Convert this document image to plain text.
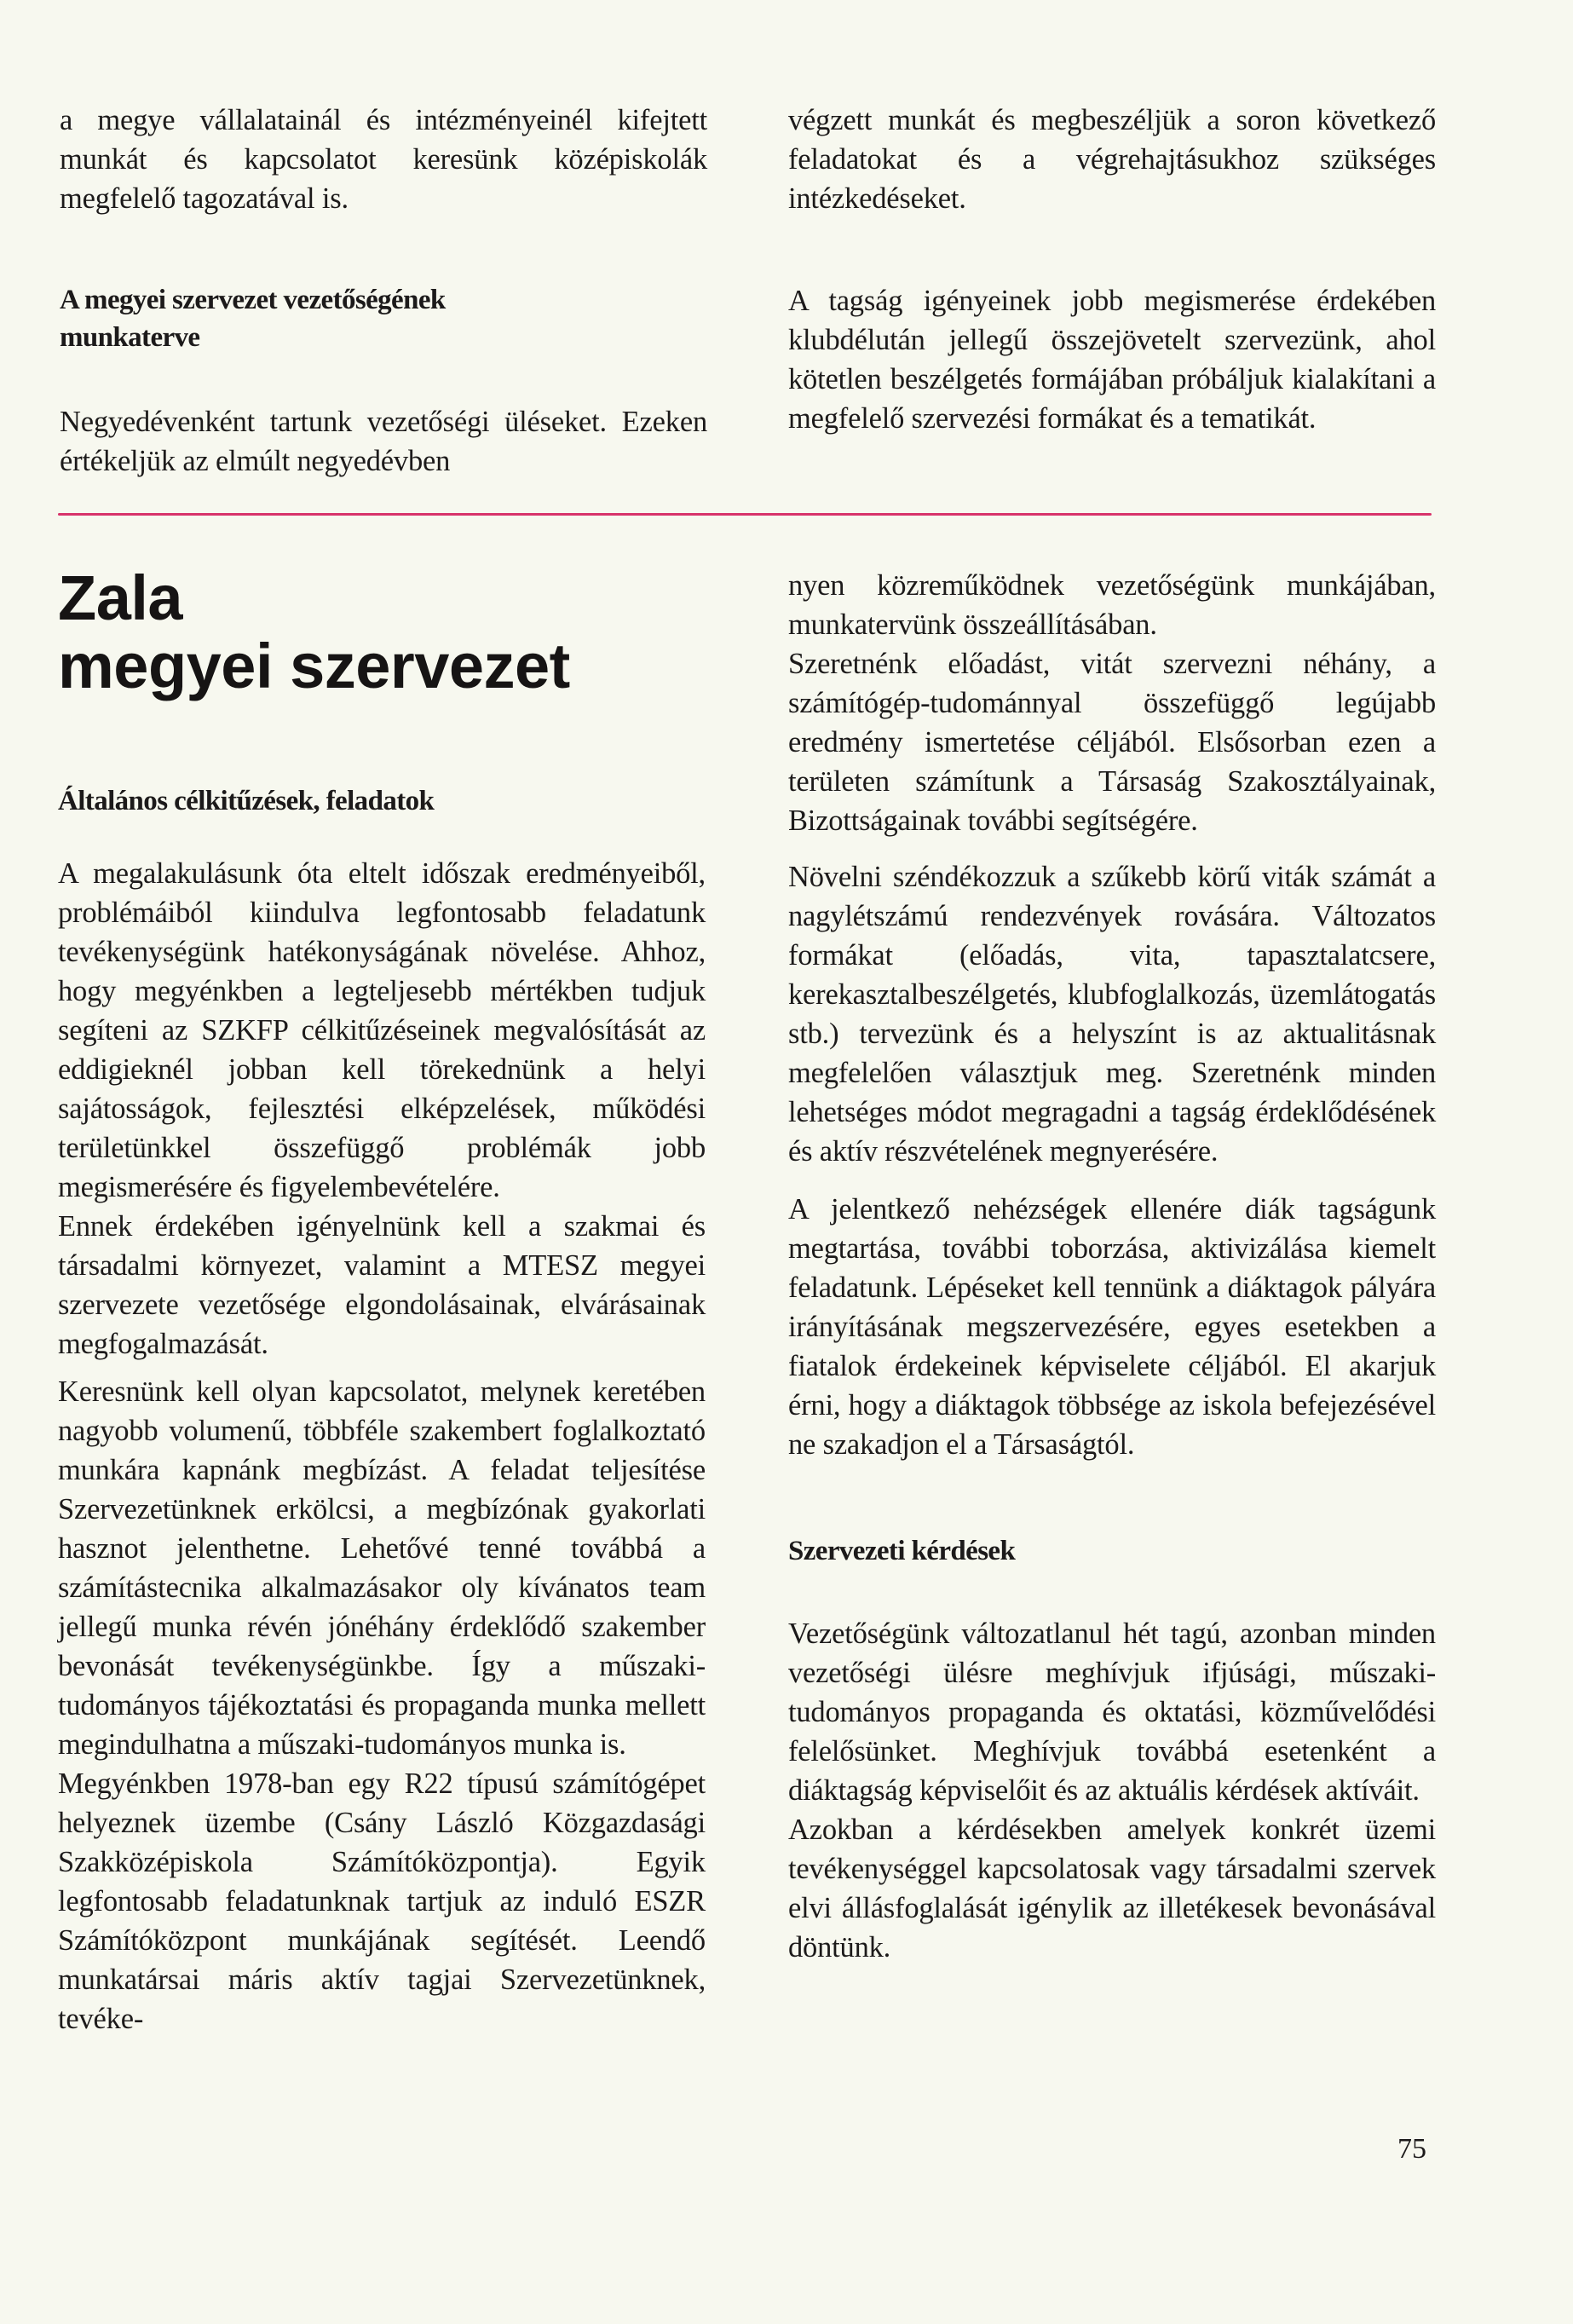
a megye vállalatainál és intézményeinél kifejtett munkát és kapcsolatot keresünk középiskolák megfelelő tagozatával is.

A megyei szervezet vezetőségének munkaterve

Negyedévenként tartunk vezetőségi üléseket. Ezeken értékeljük az elmúlt negyedévben

végzett munkát és megbeszéljük a soron következő feladatokat és a végrehajtásukhoz szükséges intézkedéseket.

A tagság igényeinek jobb megismerése érdekében klubdélután jellegű összejövetelt szervezünk, ahol kötetlen beszélgetés formájában próbáljuk kialakítani a megfelelő szervezési formákat és a tematikát.

Zala
megyei szervezet

Általános célkitűzések, feladatok

A megalakulásunk óta eltelt időszak eredményeiből, problémáiból kiindulva legfontosabb feladatunk tevékenységünk hatékonyságának növelése. Ahhoz, hogy megyénkben a legteljesebb mértékben tudjuk segíteni az SZKFP célkitűzéseinek megvalósítását az eddigieknél jobban kell törekednünk a helyi sajátosságok, fejlesztési elképzelések, működési területünkkel összefüggő problémák jobb megismerésére és figyelembevételére.

Ennek érdekében igényelnünk kell a szakmai és társadalmi környezet, valamint a MTESZ megyei szervezete vezetősége elgondolásainak, elvárásainak megfogalmazását.

Keresnünk kell olyan kapcsolatot, melynek keretében nagyobb volumenű, többféle szakembert foglalkoztató munkára kapnánk megbízást. A feladat teljesítése Szervezetünknek erkölcsi, a megbízónak gyakorlati hasznot jelenthetne. Lehetővé tenné továbbá a számítástecnika alkalmazásakor oly kívánatos team jellegű munka révén jónéhány érdeklődő szakember bevonását tevékenységünkbe. Így a műszaki-tudományos tájékoztatási és propaganda munka mellett megindulhatna a műszaki-tudományos munka is.

Megyénkben 1978-ban egy R22 típusú számítógépet helyeznek üzembe (Csány László Közgazdasági Szakközépiskola Számítóközpontja). Egyik legfontosabb feladatunknak tartjuk az induló ESZR Számítóközpont munkájának segítését. Leendő munkatársai máris aktív tagjai Szervezetünknek, tevéke-

nyen közreműködnek vezetőségünk munkájában, munkatervünk összeállításában.

Szeretnénk előadást, vitát szervezni néhány, a számítógép-tudománnyal összefüggő legújabb eredmény ismertetése céljából. Elsősorban ezen a területen számítunk a Társaság Szakosztályainak, Bizottságainak további segítségére.

Növelni széndékozzuk a szűkebb körű viták számát a nagylétszámú rendezvények rovására. Változatos formákat (előadás, vita, tapasztalatcsere, kerekasztalbeszélgetés, klubfoglalkozás, üzemlátogatás stb.) tervezünk és a helyszínt is az aktualitásnak megfelelően választjuk meg. Szeretnénk minden lehetséges módot megragadni a tagság érdeklődésének és aktív részvételének megnyerésére.

A jelentkező nehézségek ellenére diák tagságunk megtartása, további toborzása, aktivizálása kiemelt feladatunk. Lépéseket kell tennünk a diáktagok pályára irányításának megszervezésére, egyes esetekben a fiatalok érdekeinek képviselete céljából. El akarjuk érni, hogy a diáktagok többsége az iskola befejezésével ne szakadjon el a Társaságtól.

Szervezeti kérdések

Vezetőségünk változatlanul hét tagú, azonban minden vezetőségi ülésre meghívjuk ifjúsági, műszaki-tudományos propaganda és oktatási, közművelődési felelősünket. Meghívjuk továbbá esetenként a diáktagság képviselőit és az aktuális kérdések aktíváit.

Azokban a kérdésekben amelyek konkrét üzemi tevékenységgel kapcsolatosak vagy társadalmi szervek elvi állásfoglalását igénylik az illetékesek bevonásával döntünk.

75
